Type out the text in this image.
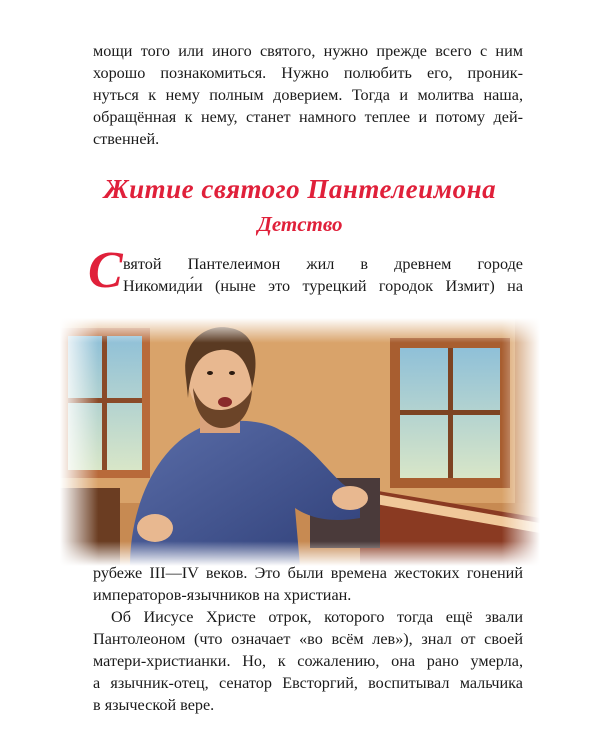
мощи того или иного святого, нужно прежде всего с ним
хорошо познакомиться. Нужно полюбить его, проник-
нуться к нему полным доверием. Тогда и молитва наша,
обращённая к нему, станет намного теплее и потому дей-
ственней.
Житие святого Пантелеимона
Детство
С вятой Пантелеимон жил в древнем городе
Никомиди́и (ныне это турецкий городок Измит) на
рубеже III—IV веков. Это были времена жестоких гонений
императоров-язычников на христиан.
Об Иисусе Христе отрок, которого тогда ещё звали
Пантолеоном (что означает «во всём лев»), знал от своей
матери-христианки. Но, к сожалению, она рано умерла,
а язычник-отец, сенатор Евсторгий, воспитывал мальчика
в языческой вере.
